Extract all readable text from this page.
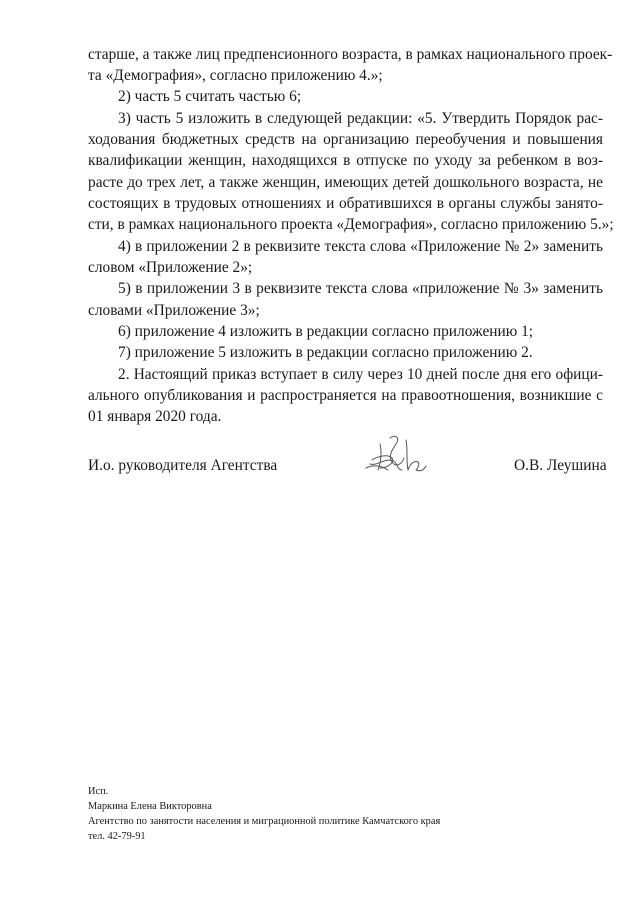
старше, а также лиц предпенсионного возраста, в рамках национального проек-
та «Демография», согласно приложению 4.»;
2) часть 5 считать частью 6;
3) часть 5 изложить в следующей редакции: «5. Утвердить Порядок рас-
ходования бюджетных средств на организацию переобучения и повышения
квалификации женщин, находящихся в отпуске по уходу за ребенком в воз-
расте до трех лет, а также женщин, имеющих детей дошкольного возраста, не
состоящих в трудовых отношениях и обратившихся в органы службы занято-
сти, в рамках национального проекта «Демография», согласно приложению 5.»;
4) в приложении 2 в реквизите текста слова «Приложение № 2» заменить
словом «Приложение 2»;
5) в приложении 3 в реквизите текста слова «приложение № 3» заменить
словами «Приложение 3»;
6) приложение 4 изложить в редакции согласно приложению 1;
7) приложение 5 изложить в редакции согласно приложению 2.
2. Настоящий приказ вступает в силу через 10 дней после дня его офици-
ального опубликования и распространяется на правоотношения, возникшие с
01 января 2020 года.
И.о. руководителя Агентства	О.В. Леушина
Исп.
Маркина Елена Викторовна
Агентство по занятости населения и миграционной политике Камчатского края
тел. 42-79-91
